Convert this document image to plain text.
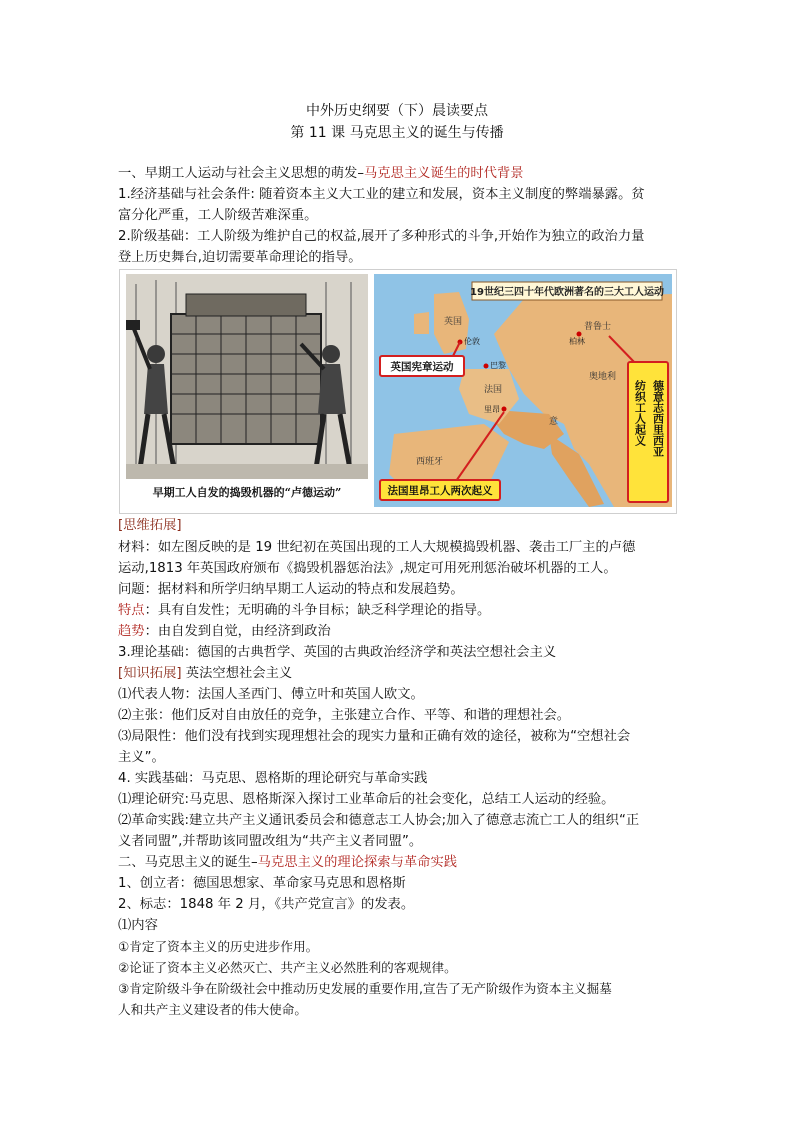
中外历史纲要（下）晨读要点
第 11 课 马克思主义的诞生与传播
一、早期工人运动与社会主义思想的萌发–马克思主义诞生的时代背景
1.经济基础与社会条件: 随着资本主义大工业的建立和发展，资本主义制度的弊端暴露。贫
富分化严重，工人阶级苦难深重。
2.阶级基础：工人阶级为维护自己的权益,展开了多种形式的斗争,开始作为独立的政治力量
登上历史舞台,迫切需要革命理论的指导。
早期工人自发的捣毁机器的“卢德运动”
19世纪三四十年代欧洲著名的三大工人运动
英国
法国
西班牙
普鲁士
奥地利
意
伦敦
巴黎
里昂
柏林
英国宪章运动
法国里昂工人两次起义
德意志西里西亚
纺织工人起义
[思维拓展]
材料：如左图反映的是 19 世纪初在英国出现的工人大规模捣毁机器、袭击工厂主的卢德
运动,1813 年英国政府颁布《捣毁机器惩治法》,规定可用死刑惩治破坏机器的工人。
问题：据材料和所学归纳早期工人运动的特点和发展趋势。
特点：具有自发性；无明确的斗争目标；缺乏科学理论的指导。
趋势：由自发到自觉，由经济到政治
3.理论基础：德国的古典哲学、英国的古典政治经济学和英法空想社会主义
[知识拓展] 英法空想社会主义
⑴代表人物：法国人圣西门、傅立叶和英国人欧文。
⑵主张：他们反对自由放任的竞争，主张建立合作、平等、和谐的理想社会。
⑶局限性：他们没有找到实现理想社会的现实力量和正确有效的途径，被称为“空想社会
主义”。
4. 实践基础：马克思、恩格斯的理论研究与革命实践
⑴理论研究:马克思、恩格斯深入探讨工业革命后的社会变化，总结工人运动的经验。
⑵革命实践:建立共产主义通讯委员会和德意志工人协会;加入了德意志流亡工人的组织“正
义者同盟”,并帮助该同盟改组为“共产主义者同盟”。
二、马克思主义的诞生–马克思主义的理论探索与革命实践
1、创立者：德国思想家、革命家马克思和恩格斯
2、标志：1848 年 2 月，《共产党宣言》的发表。
⑴内容
①肯定了资本主义的历史进步作用。
②论证了资本主义必然灭亡、共产主义必然胜利的客观规律。
③肯定阶级斗争在阶级社会中推动历史发展的重要作用,宣告了无产阶级作为资本主义掘墓
人和共产主义建设者的伟大使命。
